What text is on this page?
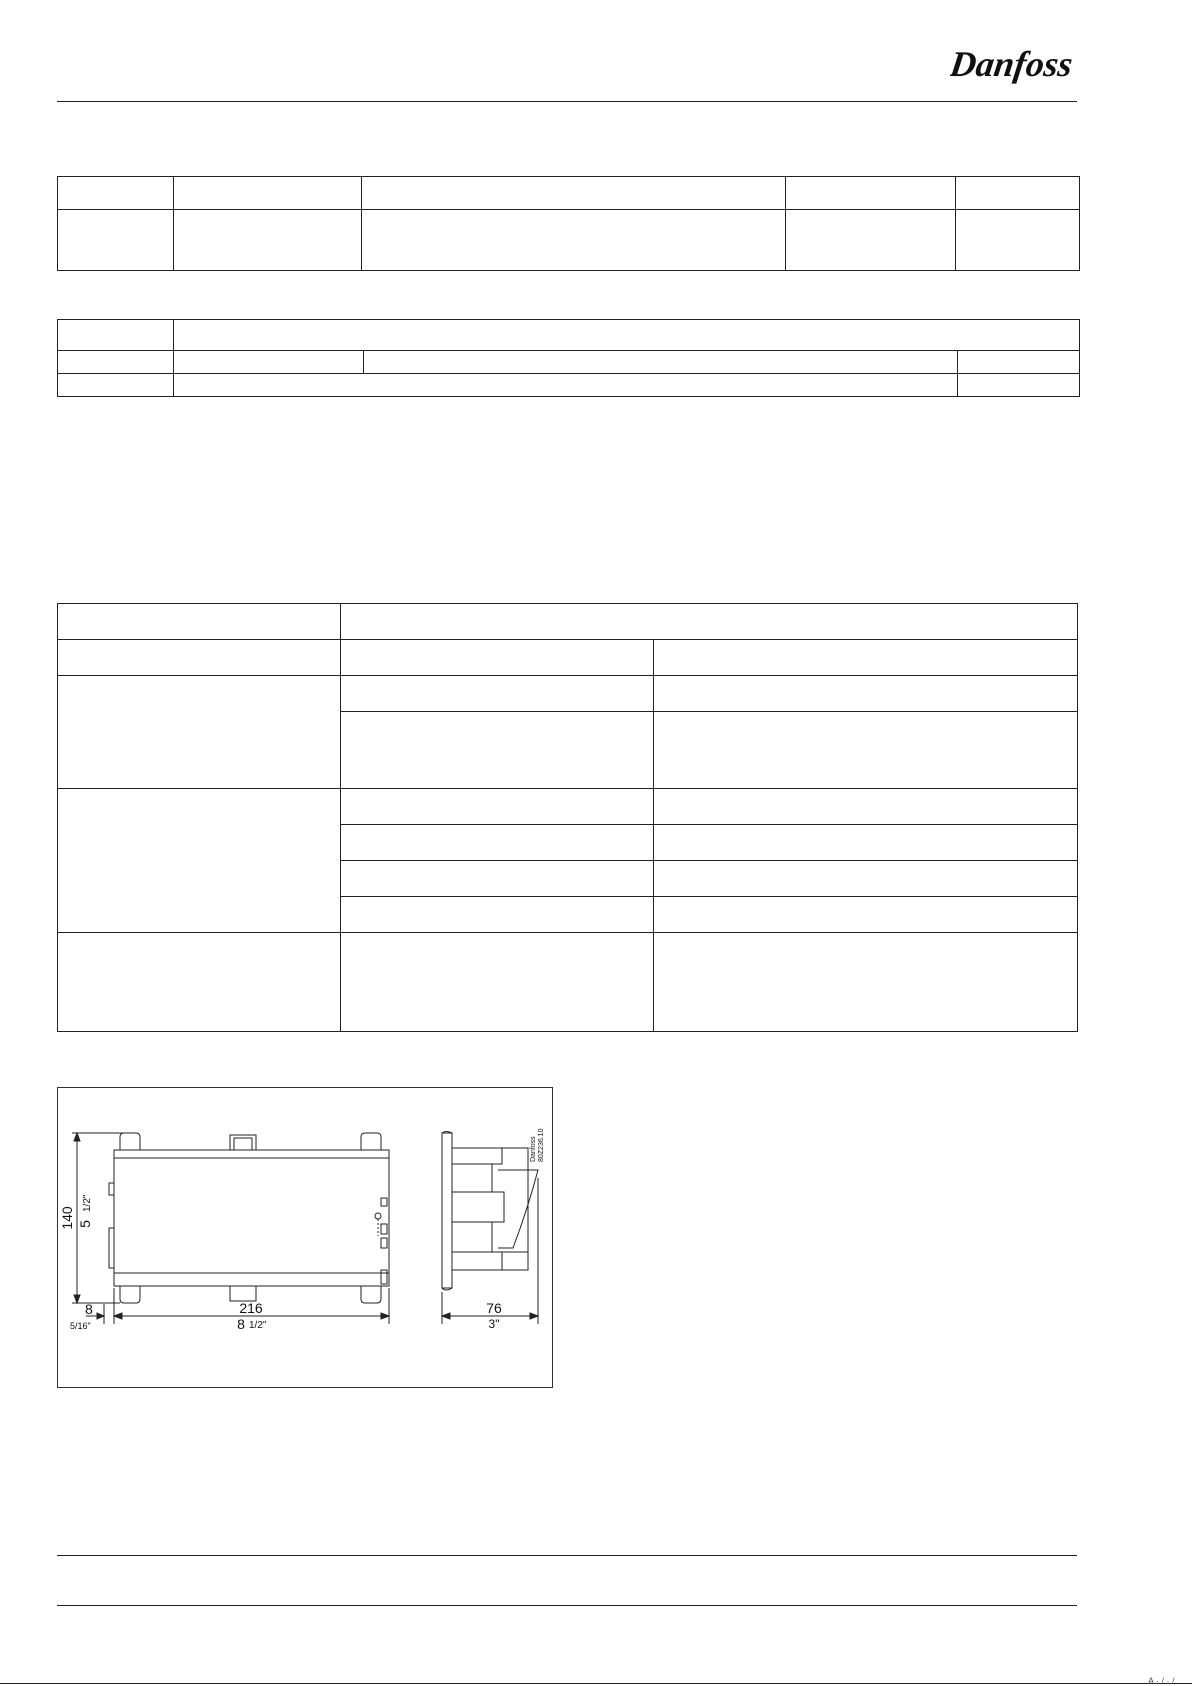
Danfoss

140 5
1/2"
8
5/16"
216
8 1/2"
76
3"
Danfoss 80Z236.10
A · / · /
